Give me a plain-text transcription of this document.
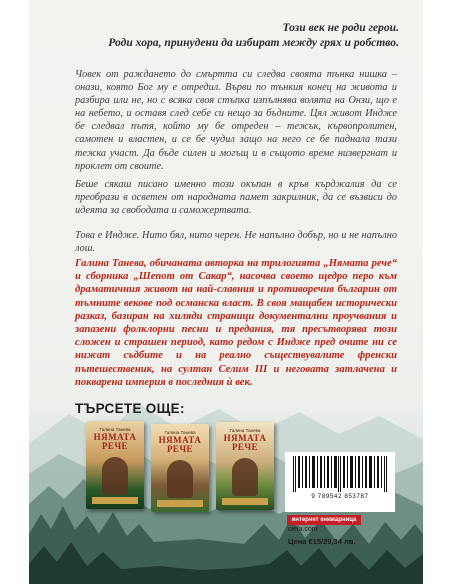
Този век не роди герои.
Роди хора, принудени да избират между грях и робство.

Човек от раждането до смъртта си следва своята тънка нишка – онази, която Бог му е отредил. Върви по тънкия конец на живота и разбира или не, но с всяка своя стъпка изпълнява волята на Онзи, що е на небето, и оставя след себе си нещо за бъдните. Цял живот Индже бе следвал пътя, който му бе отреден – тежък, кървопролитен, самотен и властен, и се бе чудил защо на него се бе паднала тази тежка участ. Да бъде силен и могъщ и в същото време низвергнат и проклет от своите.

Беше сякаш писано именно този окъпан в кръв кърджалия да се преобрази в осветен от народната памет закрилник, да се възвиси до идеята за свободата и саможертвата.

Това е Индже. Нито бял, нито черен. Не напълно добър, но и не напълно лош.

Галина Танева, обичаната авторка на трилогията „Нямата рече“ и сборника „Шепот от Сакар“, насочва своето щедро перо към драматичния живот на най-славния и противоречив българин от тъмните векове под османска власт. В своя мащабен исторически разказ, базиран на хиляди страници документални проучвания и запазени фолклорни песни и предания, тя пресътворява този сложен и страшен период, като редом с Индже пред очите ни се нижат съдбите и на реално съществувалите френски пътешественик, на султан Селим III и неговата затлачена и покварена империя в последния ѝ век.

ТЪРСЕТЕ ОЩЕ:
Галина Танева
НЯМАТА РЕЧЕ
Галина Танева
НЯМАТА РЕЧЕ
Галина Танева
НЯМАТА РЕЧЕ
9 789542 853787
интернет книжарница
ciela.com
Цена €15/29,34 лв.
